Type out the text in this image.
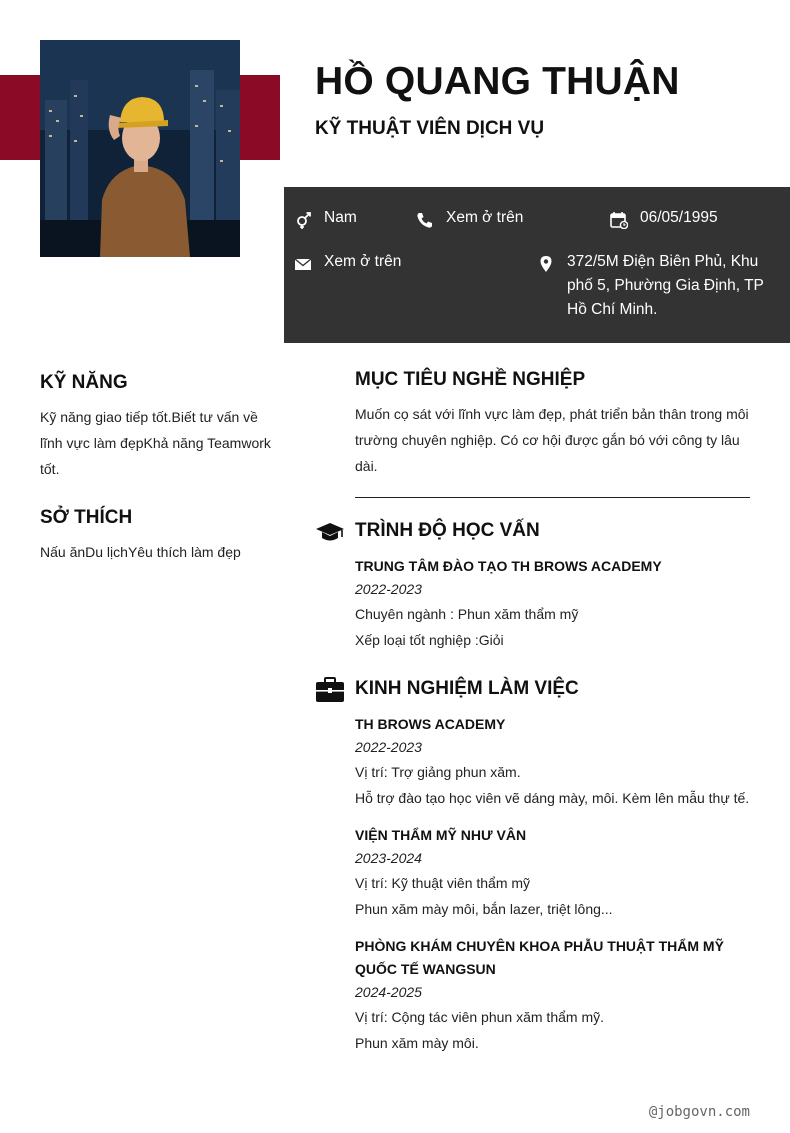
HỒ QUANG THUẬN
KỸ THUẬT VIÊN DỊCH VỤ
Nam	Xem ở trên	06/05/1995
Xem ở trên	372/5M Điện Biên Phủ, Khu phố 5, Phường Gia Định, TP Hồ Chí Minh.
KỸ NĂNG
Kỹ năng giao tiếp tốt.Biết tư vấn về lĩnh vực làm đẹpKhả năng Teamwork tốt.
SỞ THÍCH
Nấu ănDu lịchYêu thích làm đẹp
MỤC TIÊU NGHỀ NGHIỆP
Muốn cọ sát với lĩnh vực làm đẹp, phát triển bản thân trong môi trường chuyên nghiệp. Có cơ hội được gắn bó với công ty lâu dài.
TRÌNH ĐỘ HỌC VẤN
TRUNG TÂM ĐÀO TẠO TH BROWS ACADEMY
2022-2023
Chuyên ngành : Phun xăm thẩm mỹ
Xếp loại tốt nghiệp :Giỏi
KINH NGHIỆM LÀM VIỆC
TH BROWS ACADEMY
2022-2023
Vị trí: Trợ giảng phun xăm.
Hỗ trợ đào tạo học viên vẽ dáng mày, môi. Kèm lên mẫu thự tế.
VIỆN THẨM MỸ NHƯ VÂN
2023-2024
Vị trí: Kỹ thuật viên thẩm mỹ
Phun xăm mày môi, bắn lazer, triệt lông...
PHÒNG KHÁM CHUYÊN KHOA PHẪU THUẬT THẨM MỸ QUỐC TẾ WANGSUN
2024-2025
Vị trí: Cộng tác viên phun xăm thẩm mỹ.
Phun xăm mày môi.
@jobgovn.com
